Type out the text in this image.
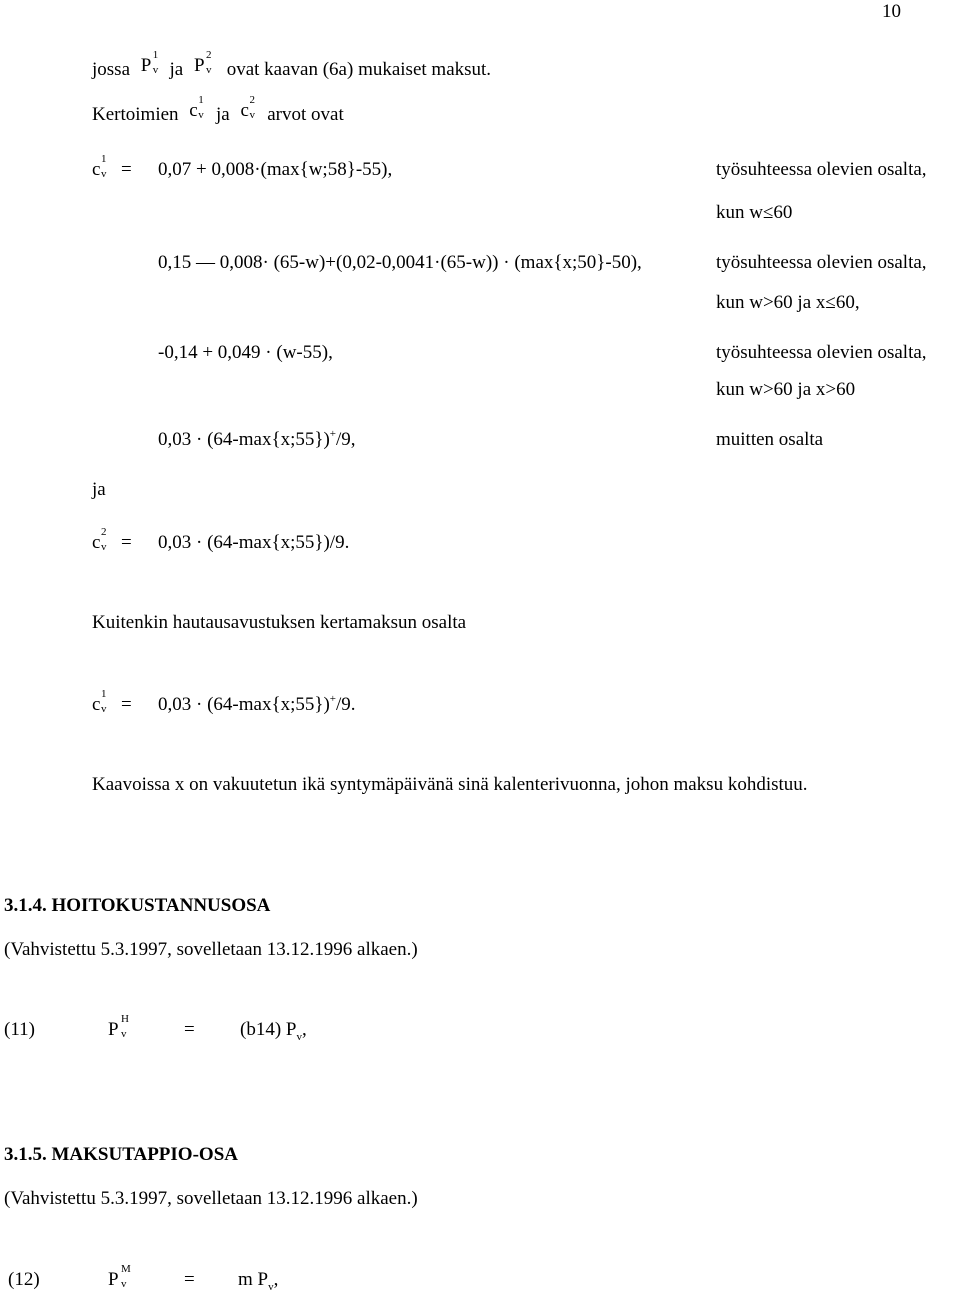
10
jossa P 1
v ja P 2
v ovat kaavan (6a) mukaiset maksut.
Kertoimien c 1
v ja c 2
v arvot ovat
c 1
v = 0,07 + 0,008·(max{w;58}-55),	työsuhteessa olevien osalta,
kun w≤60
0,15 — 0,008· (65-w)+(0,02-0,0041·(65-w)) · (max{x;50}-50),	työsuhteessa olevien osalta,
kun w>60 ja x≤60,
-0,14 + 0,049 · (w-55),	työsuhteessa olevien osalta,
kun w>60 ja x>60
0,03 · (64-max{x;55})+/9,	muitten osalta
ja
c 2
v = 0,03 · (64-max{x;55})/9.
Kuitenkin hautausavustuksen kertamaksun osalta
c 1
v = 0,03 · (64-max{x;55})+/9.
Kaavoissa x on vakuutetun ikä syntymäpäivänä sinä kalenterivuonna, johon maksu kohdistuu.
3.1.4. HOITOKUSTANNUSOSA
(Vahvistettu 5.3.1997, sovelletaan 13.12.1996 alkaen.)
(11)	P H
v	= (b14) $P_v$,
3.1.5. MAKSUTAPPIO-OSA
(Vahvistettu 5.3.1997, sovelletaan 13.12.1996 alkaen.)
(12)	P M
v	= m $P_v$,
